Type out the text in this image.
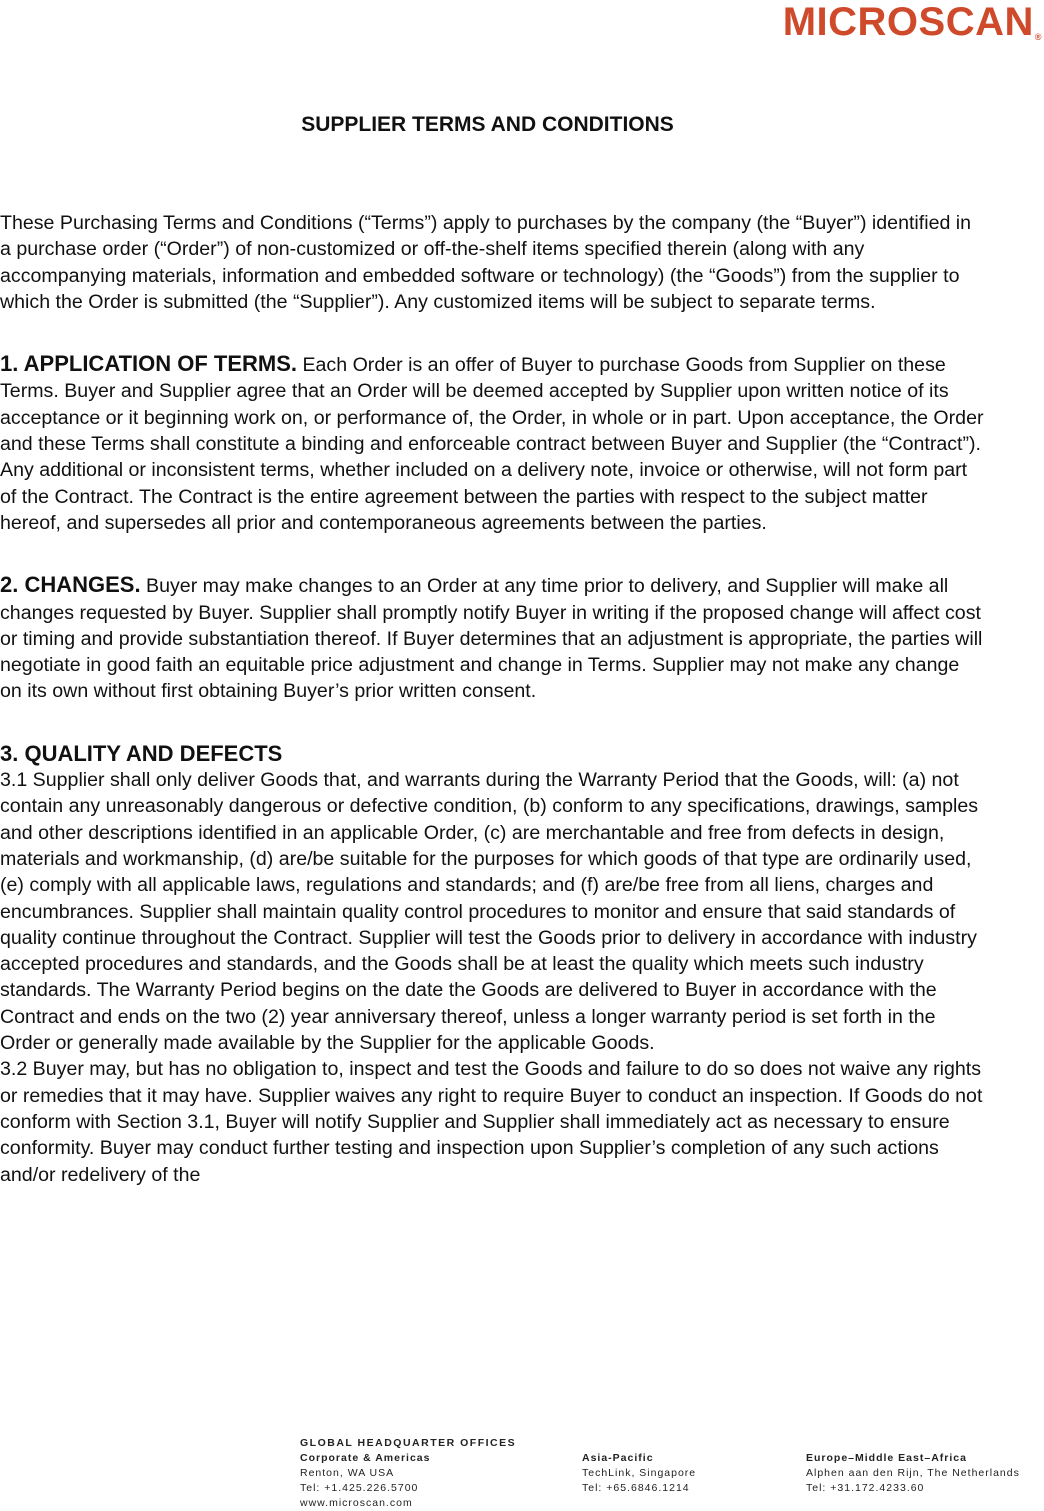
MICROSCAN®
SUPPLIER TERMS AND CONDITIONS

These Purchasing Terms and Conditions (“Terms”) apply to purchases by the company (the “Buyer”) identified in a purchase order (“Order”) of non-customized or off-the-shelf items specified therein (along with any accompanying materials, information and embedded software or technology) (the “Goods”) from the supplier to which the Order is submitted (the “Supplier”). Any customized items will be subject to separate terms.

1. APPLICATION OF TERMS. Each Order is an offer of Buyer to purchase Goods from Supplier on these Terms. Buyer and Supplier agree that an Order will be deemed accepted by Supplier upon written notice of its acceptance or it beginning work on, or performance of, the Order, in whole or in part. Upon acceptance, the Order and these Terms shall constitute a binding and enforceable contract between Buyer and Supplier (the “Contract”). Any additional or inconsistent terms, whether included on a delivery note, invoice or otherwise, will not form part of the Contract. The Contract is the entire agreement between the parties with respect to the subject matter hereof, and supersedes all prior and contemporaneous agreements between the parties.

2. CHANGES. Buyer may make changes to an Order at any time prior to delivery, and Supplier will make all changes requested by Buyer. Supplier shall promptly notify Buyer in writing if the proposed change will affect cost or timing and provide substantiation thereof. If Buyer determines that an adjustment is appropriate, the parties will negotiate in good faith an equitable price adjustment and change in Terms. Supplier may not make any change on its own without first obtaining Buyer’s prior written consent.

3. QUALITY AND DEFECTS

3.1 Supplier shall only deliver Goods that, and warrants during the Warranty Period that the Goods, will: (a) not contain any unreasonably dangerous or defective condition, (b) conform to any specifications, drawings, samples and other descriptions identified in an applicable Order, (c) are merchantable and free from defects in design, materials and workmanship, (d) are/be suitable for the purposes for which goods of that type are ordinarily used, (e) comply with all applicable laws, regulations and standards; and (f) are/be free from all liens, charges and encumbrances. Supplier shall maintain quality control procedures to monitor and ensure that said standards of quality continue throughout the Contract. Supplier will test the Goods prior to delivery in accordance with industry accepted procedures and standards, and the Goods shall be at least the quality which meets such industry standards. The Warranty Period begins on the date the Goods are delivered to Buyer in accordance with the Contract and ends on the two (2) year anniversary thereof, unless a longer warranty period is set forth in the Order or generally made available by the Supplier for the applicable Goods.

3.2 Buyer may, but has no obligation to, inspect and test the Goods and failure to do so does not waive any rights or remedies that it may have. Supplier waives any right to require Buyer to conduct an inspection. If Goods do not conform with Section 3.1, Buyer will notify Supplier and Supplier shall immediately act as necessary to ensure conformity. Buyer may conduct further testing and inspection upon Supplier’s completion of any such actions and/or redelivery of the

GLOBAL HEADQUARTER OFFICES
Corporate & Americas
Renton, WA USA
Tel: +1.425.226.5700
www.microscan.com
Asia-Pacific
TechLink, Singapore
Tel: +65.6846.1214
Europe–Middle East–Africa
Alphen aan den Rijn, The Netherlands
Tel: +31.172.4233.60
